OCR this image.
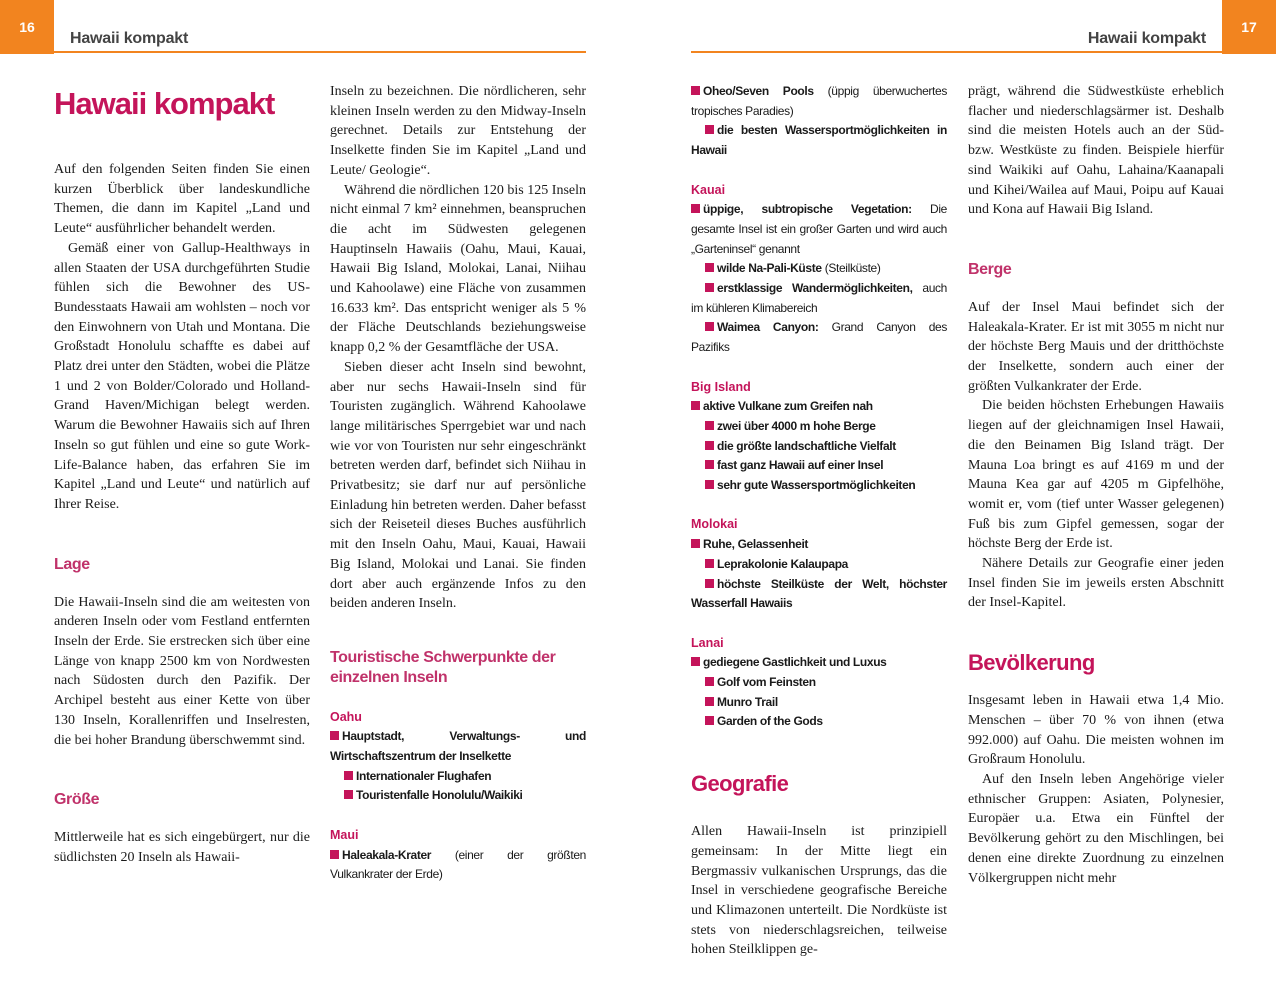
16
Hawaii kompakt
Hawaii kompakt

Auf den folgenden Seiten finden Sie einen kurzen Überblick über landeskundliche Themen, die dann im Kapitel „Land und Leute“ ausführlicher behandelt werden.

Gemäß einer von Gallup-Healthways in allen Staaten der USA durchgeführten Studie fühlen sich die Bewohner des US-Bundesstaats Hawaii am wohlsten – noch vor den Einwohnern von Utah und Montana. Die Großstadt Honolulu schaffte es dabei auf Platz drei unter den Städten, wobei die Plätze 1 und 2 von Bolder/Colorado und Holland-Grand Haven/Michigan belegt werden. Warum die Bewohner Hawaiis sich auf Ihren Inseln so gut fühlen und eine so gute Work-Life-Balance haben, das erfahren Sie im Kapitel „Land und Leute“ und natürlich auf Ihrer Reise.

Lage

Die Hawaii-Inseln sind die am weitesten von anderen Inseln oder vom Festland entfernten Inseln der Erde. Sie erstrecken sich über eine Länge von knapp 2500 km von Nordwesten nach Südosten durch den Pazifik. Der Archipel besteht aus einer Kette von über 130 Inseln, Korallenriffen und Inselresten, die bei hoher Brandung überschwemmt sind.

Größe

Mittlerweile hat es sich eingebürgert, nur die südlichsten 20 Inseln als Hawaii-

Inseln zu bezeichnen. Die nördlicheren, sehr kleinen Inseln werden zu den Midway-Inseln gerechnet. Details zur Entstehung der Inselkette finden Sie im Kapitel „Land und Leute/ Geologie“.

Während die nördlichen 120 bis 125 Inseln nicht einmal 7 km² einnehmen, beanspruchen die acht im Südwesten gelegenen Hauptinseln Hawaiis (Oahu, Maui, Kauai, Hawaii Big Island, Molokai, Lanai, Niihau und Kahoolawe) eine Fläche von zusammen 16.633 km². Das entspricht weniger als 5 % der Fläche Deutschlands beziehungsweise knapp 0,2 % der Gesamtfläche der USA.

Sieben dieser acht Inseln sind bewohnt, aber nur sechs Hawaii-Inseln sind für Touristen zugänglich. Während Kahoolawe lange militärisches Sperrgebiet war und nach wie vor von Touristen nur sehr eingeschränkt betreten werden darf, befindet sich Niihau in Privatbesitz; sie darf nur auf persönliche Einladung hin betreten werden. Daher befasst sich der Reiseteil dieses Buches ausführlich mit den Inseln Oahu, Maui, Kauai, Hawaii Big Island, Molokai und Lanai. Sie finden dort aber auch ergänzende Infos zu den beiden anderen Inseln.

Touristische Schwerpunkte der einzelnen Inseln
Oahu

Hauptstadt, Verwaltungs- und Wirtschaftszentrum der Inselkette

Internationaler Flughafen

Touristenfalle Honolulu/Waikiki

Maui

Haleakala-Krater (einer der größten Vulkankrater der Erde)

17
Hawaii kompakt

Oheo/Seven Pools (üppig überwuchertes tropisches Paradies)

die besten Wassersportmöglichkeiten in Hawaii

Kauai

üppige, subtropische Vegetation: Die gesamte Insel ist ein großer Garten und wird auch „Garteninsel“ genannt

wilde Na-Pali-Küste (Steilküste)

erstklassige Wandermöglichkeiten, auch im kühleren Klimabereich

Waimea Canyon: Grand Canyon des Pazifiks

Big Island

aktive Vulkane zum Greifen nah

zwei über 4000 m hohe Berge

die größte landschaftliche Vielfalt

fast ganz Hawaii auf einer Insel

sehr gute Wassersportmöglichkeiten

Molokai

Ruhe, Gelassenheit

Leprakolonie Kalaupapa

höchste Steilküste der Welt, höchster Wasserfall Hawaiis

Lanai

gediegene Gastlichkeit und Luxus

Golf vom Feinsten

Munro Trail

Garden of the Gods

Geografie

Allen Hawaii-Inseln ist prinzipiell gemeinsam: In der Mitte liegt ein Bergmassiv vulkanischen Ursprungs, das die Insel in verschiedene geografische Bereiche und Klimazonen unterteilt. Die Nordküste ist stets von niederschlagsreichen, teilweise hohen Steilklippen ge-

prägt, während die Südwestküste erheblich flacher und niederschlagsärmer ist. Deshalb sind die meisten Hotels auch an der Süd- bzw. Westküste zu finden. Beispiele hierfür sind Waikiki auf Oahu, Lahaina/Kaanapali und Kihei/Wailea auf Maui, Poipu auf Kauai und Kona auf Hawaii Big Island.

Berge

Auf der Insel Maui befindet sich der Haleakala-Krater. Er ist mit 3055 m nicht nur der höchste Berg Mauis und der dritthöchste der Inselkette, sondern auch einer der größten Vulkankrater der Erde.

Die beiden höchsten Erhebungen Hawaiis liegen auf der gleichnamigen Insel Hawaii, die den Beinamen Big Island trägt. Der Mauna Loa bringt es auf 4169 m und der Mauna Kea gar auf 4205 m Gipfelhöhe, womit er, vom (tief unter Wasser gelegenen) Fuß bis zum Gipfel gemessen, sogar der höchste Berg der Erde ist.

Nähere Details zur Geografie einer jeden Insel finden Sie im jeweils ersten Abschnitt der Insel-Kapitel.

Bevölkerung

Insgesamt leben in Hawaii etwa 1,4 Mio. Menschen – über 70 % von ihnen (etwa 992.000) auf Oahu. Die meisten wohnen im Großraum Honolulu.

Auf den Inseln leben Angehörige vieler ethnischer Gruppen: Asiaten, Polynesier, Europäer u.a. Etwa ein Fünftel der Bevölkerung gehört zu den Mischlingen, bei denen eine direkte Zuordnung zu einzelnen Völkergruppen nicht mehr
